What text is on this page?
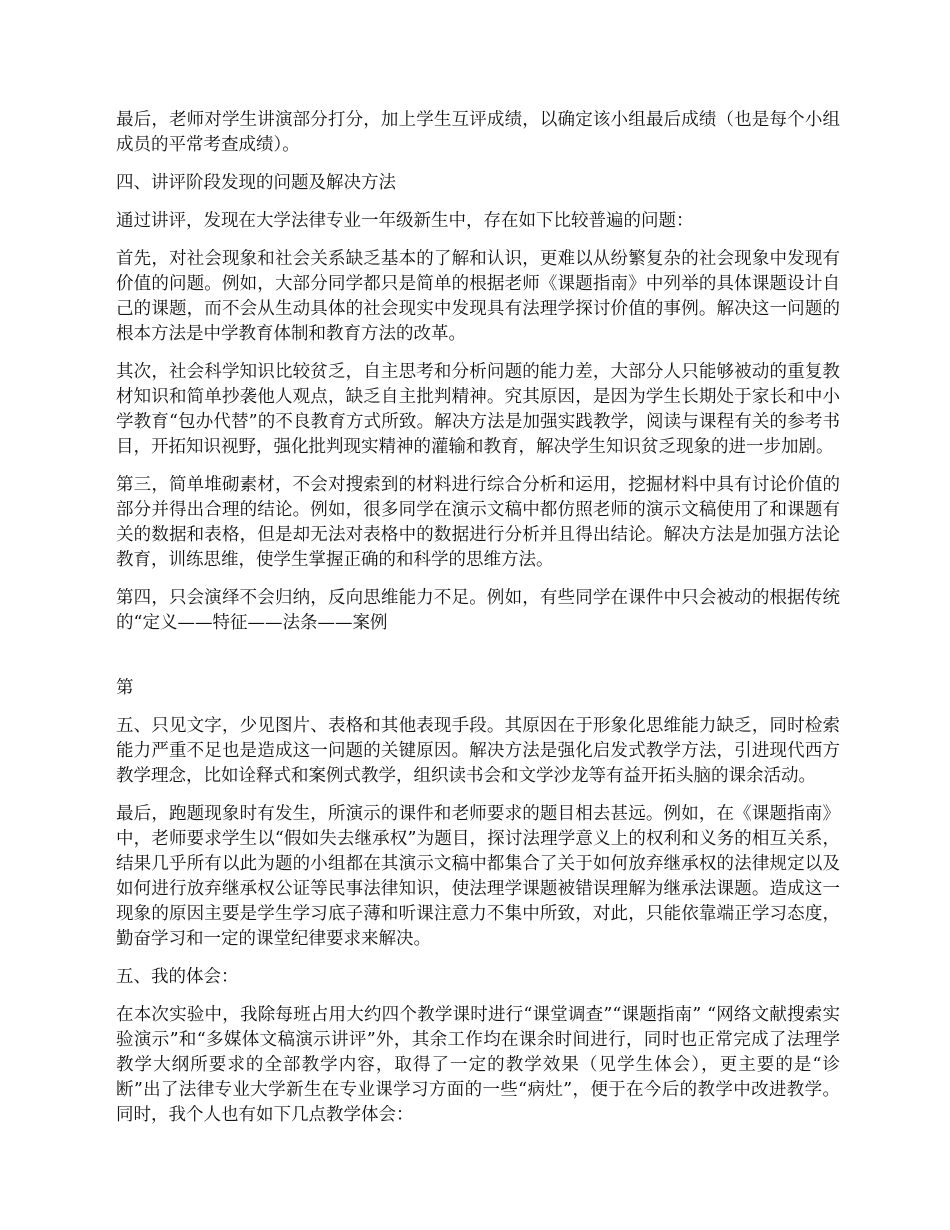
最后，老师对学生讲演部分打分，加上学生互评成绩，以确定该小组最后成绩（也是每个小组成员的平常考查成绩）。

四、讲评阶段发现的问题及解决方法

通过讲评，发现在大学法律专业一年级新生中，存在如下比较普遍的问题：

首先，对社会现象和社会关系缺乏基本的了解和认识，更难以从纷繁复杂的社会现象中发现有价值的问题。例如，大部分同学都只是简单的根据老师《课题指南》中列举的具体课题设计自己的课题，而不会从生动具体的社会现实中发现具有法理学探讨价值的事例。解决这一问题的根本方法是中学教育体制和教育方法的改革。

其次，社会科学知识比较贫乏，自主思考和分析问题的能力差，大部分人只能够被动的重复教材知识和简单抄袭他人观点，缺乏自主批判精神。究其原因，是因为学生长期处于家长和中小学教育“包办代替”的不良教育方式所致。解决方法是加强实践教学，阅读与课程有关的参考书目，开拓知识视野，强化批判现实精神的灌输和教育，解决学生知识贫乏现象的进一步加剧。

第三，简单堆砌素材，不会对搜索到的材料进行综合分析和运用，挖掘材料中具有讨论价值的部分并得出合理的结论。例如，很多同学在演示文稿中都仿照老师的演示文稿使用了和课题有关的数据和表格，但是却无法对表格中的数据进行分析并且得出结论。解决方法是加强方法论教育，训练思维，使学生掌握正确的和科学的思维方法。

第四，只会演绎不会归纳，反向思维能力不足。例如，有些同学在课件中只会被动的根据传统的“定义——特征——法条——案例

第

五、只见文字，少见图片、表格和其他表现手段。其原因在于形象化思维能力缺乏，同时检索能力严重不足也是造成这一问题的关键原因。解决方法是强化启发式教学方法，引进现代西方教学理念，比如诠释式和案例式教学，组织读书会和文学沙龙等有益开拓头脑的课余活动。

最后，跑题现象时有发生，所演示的课件和老师要求的题目相去甚远。例如，在《课题指南》中，老师要求学生以“假如失去继承权”为题目，探讨法理学意义上的权利和义务的相互关系，结果几乎所有以此为题的小组都在其演示文稿中都集合了关于如何放弃继承权的法律规定以及如何进行放弃继承权公证等民事法律知识，使法理学课题被错误理解为继承法课题。造成这一现象的原因主要是学生学习底子薄和听课注意力不集中所致，对此，只能依靠端正学习态度，勤奋学习和一定的课堂纪律要求来解决。

五、我的体会：

在本次实验中，我除每班占用大约四个教学课时进行“课堂调查”“课题指南” “网络文献搜索实验演示”和“多媒体文稿演示讲评”外，其余工作均在课余时间进行，同时也正常完成了法理学教学大纲所要求的全部教学内容，取得了一定的教学效果（见学生体会），更主要的是“诊断”出了法律专业大学新生在专业课学习方面的一些“病灶”，便于在今后的教学中改进教学。同时，我个人也有如下几点教学体会：
